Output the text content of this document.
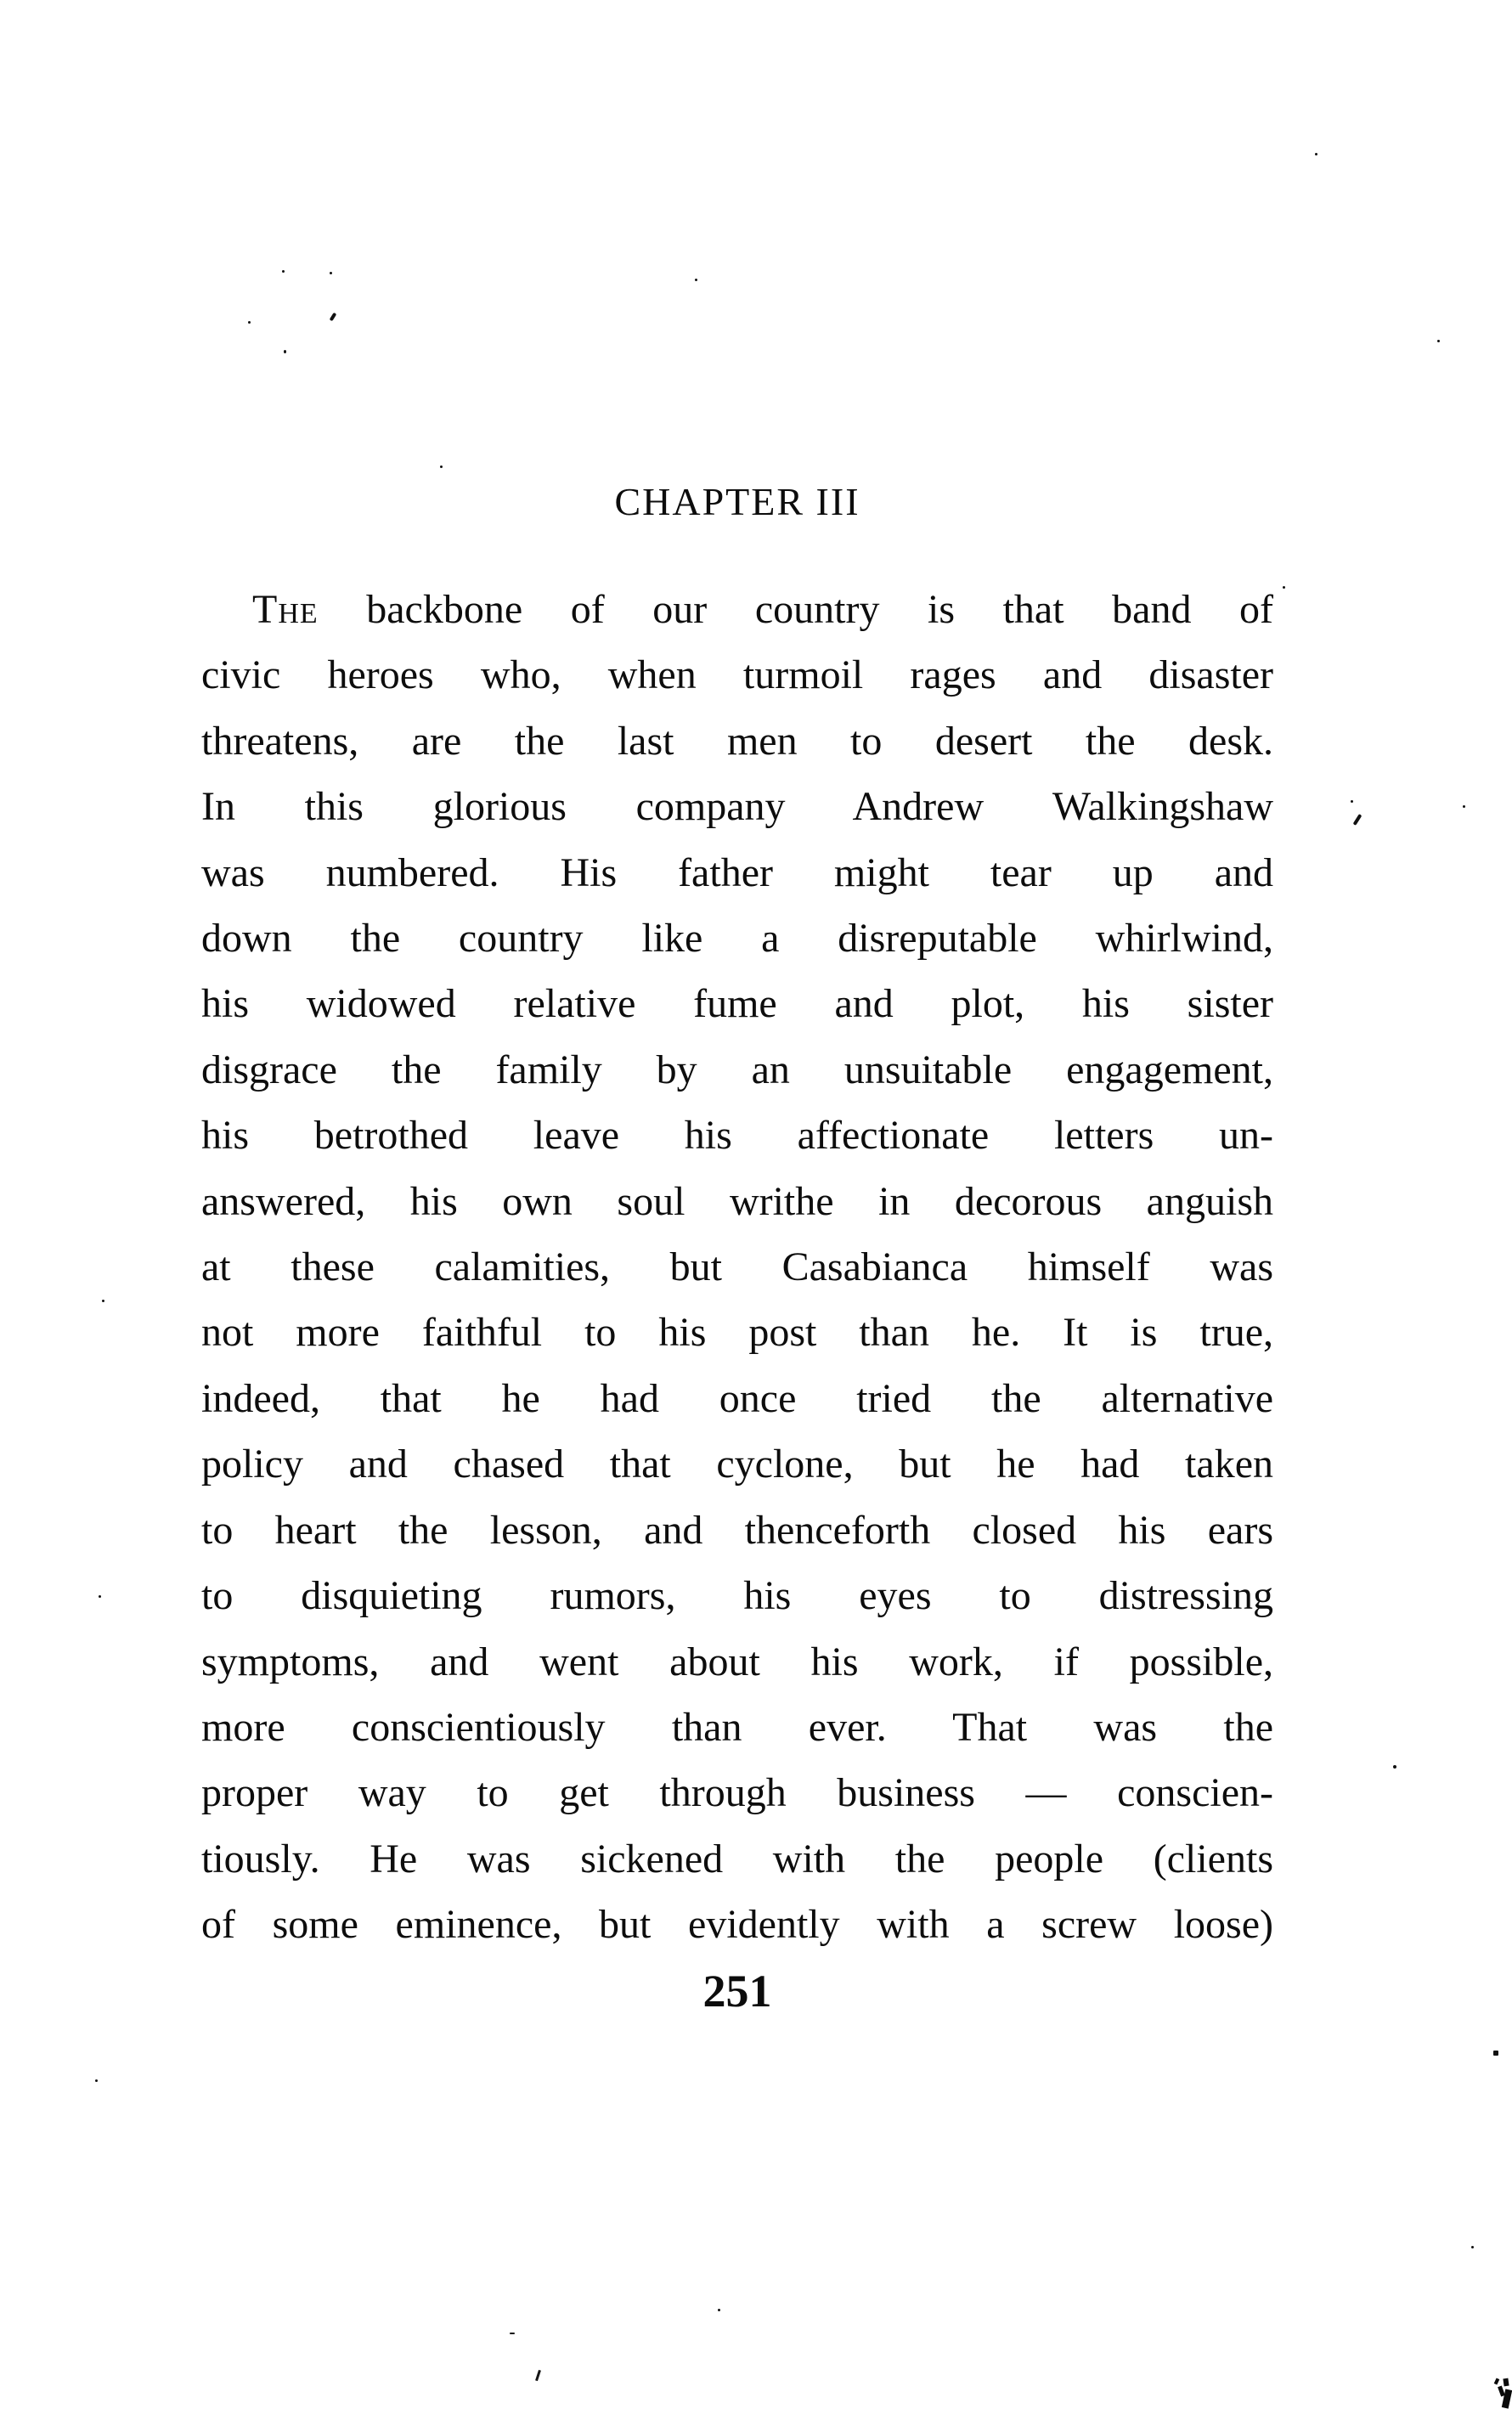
CHAPTER III
The backbone of our country is that band of
civic heroes who, when turmoil rages and disaster
threatens, are the last men to desert the desk.
In this glorious company Andrew Walkingshaw
was numbered. His father might tear up and
down the country like a disreputable whirlwind,
his widowed relative fume and plot, his sister
disgrace the family by an unsuitable engagement,
his betrothed leave his affectionate letters un-
answered, his own soul writhe in decorous anguish
at these calamities, but Casabianca himself was
not more faithful to his post than he. It is true,
indeed, that he had once tried the alternative
policy and chased that cyclone, but he had taken
to heart the lesson, and thenceforth closed his ears
to disquieting rumors, his eyes to distressing
symptoms, and went about his work, if possible,
more conscientiously than ever. That was the
proper way to get through business — conscien-
tiously. He was sickened with the people (clients
of some eminence, but evidently with a screw loose)
251
